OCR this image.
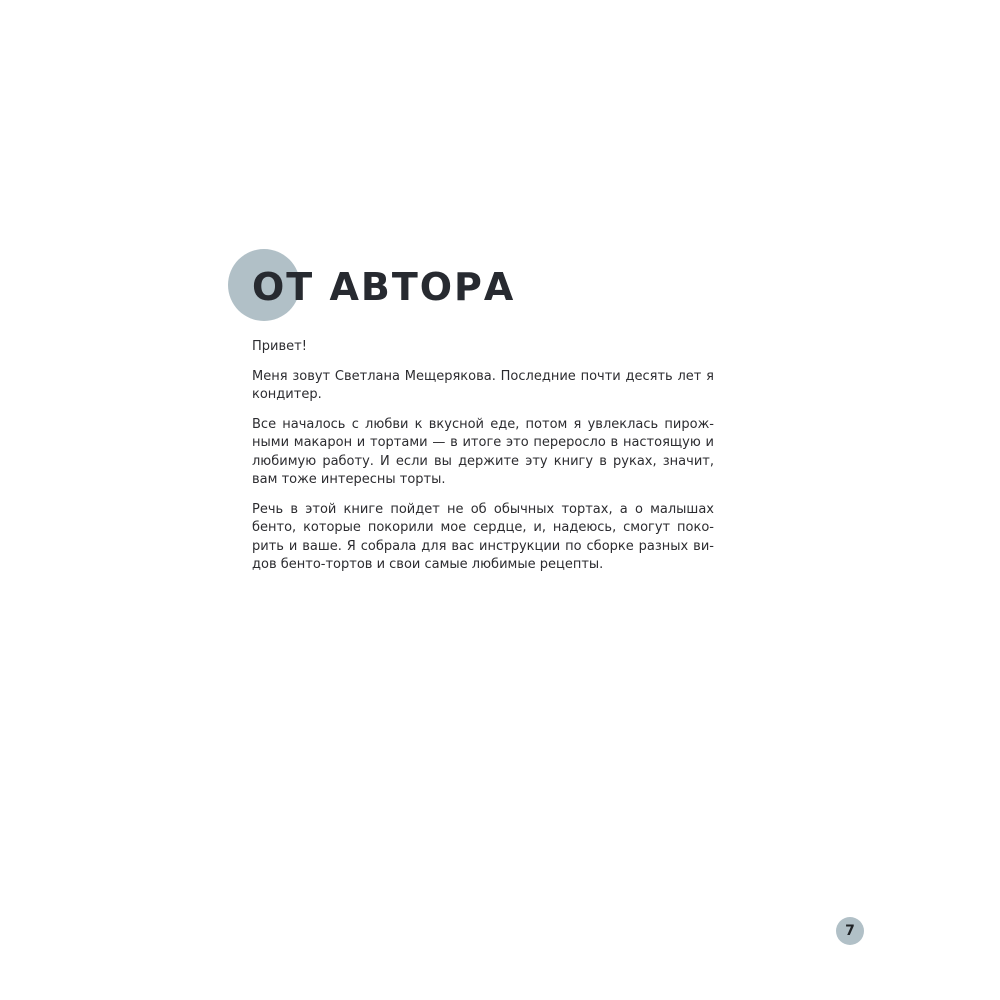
ОТ АВТОРА

Привет!

Меня зовут Светлана Мещерякова. Последние почти десять лет я кондитер.

Все началось с любви к вкусной еде, потом я увлеклась пирожными макарон и тортами — в итоге это переросло в настоящую и любимую работу. И если вы держите эту книгу в руках, значит, вам тоже интересны торты.

Речь в этой книге пойдет не об обычных тортах, а о малышах бенто, которые покорили мое сердце, и, надеюсь, смогут покорить и ваше. Я собрала для вас инструкции по сборке разных видов бенто-тортов и свои самые любимые рецепты.

7
